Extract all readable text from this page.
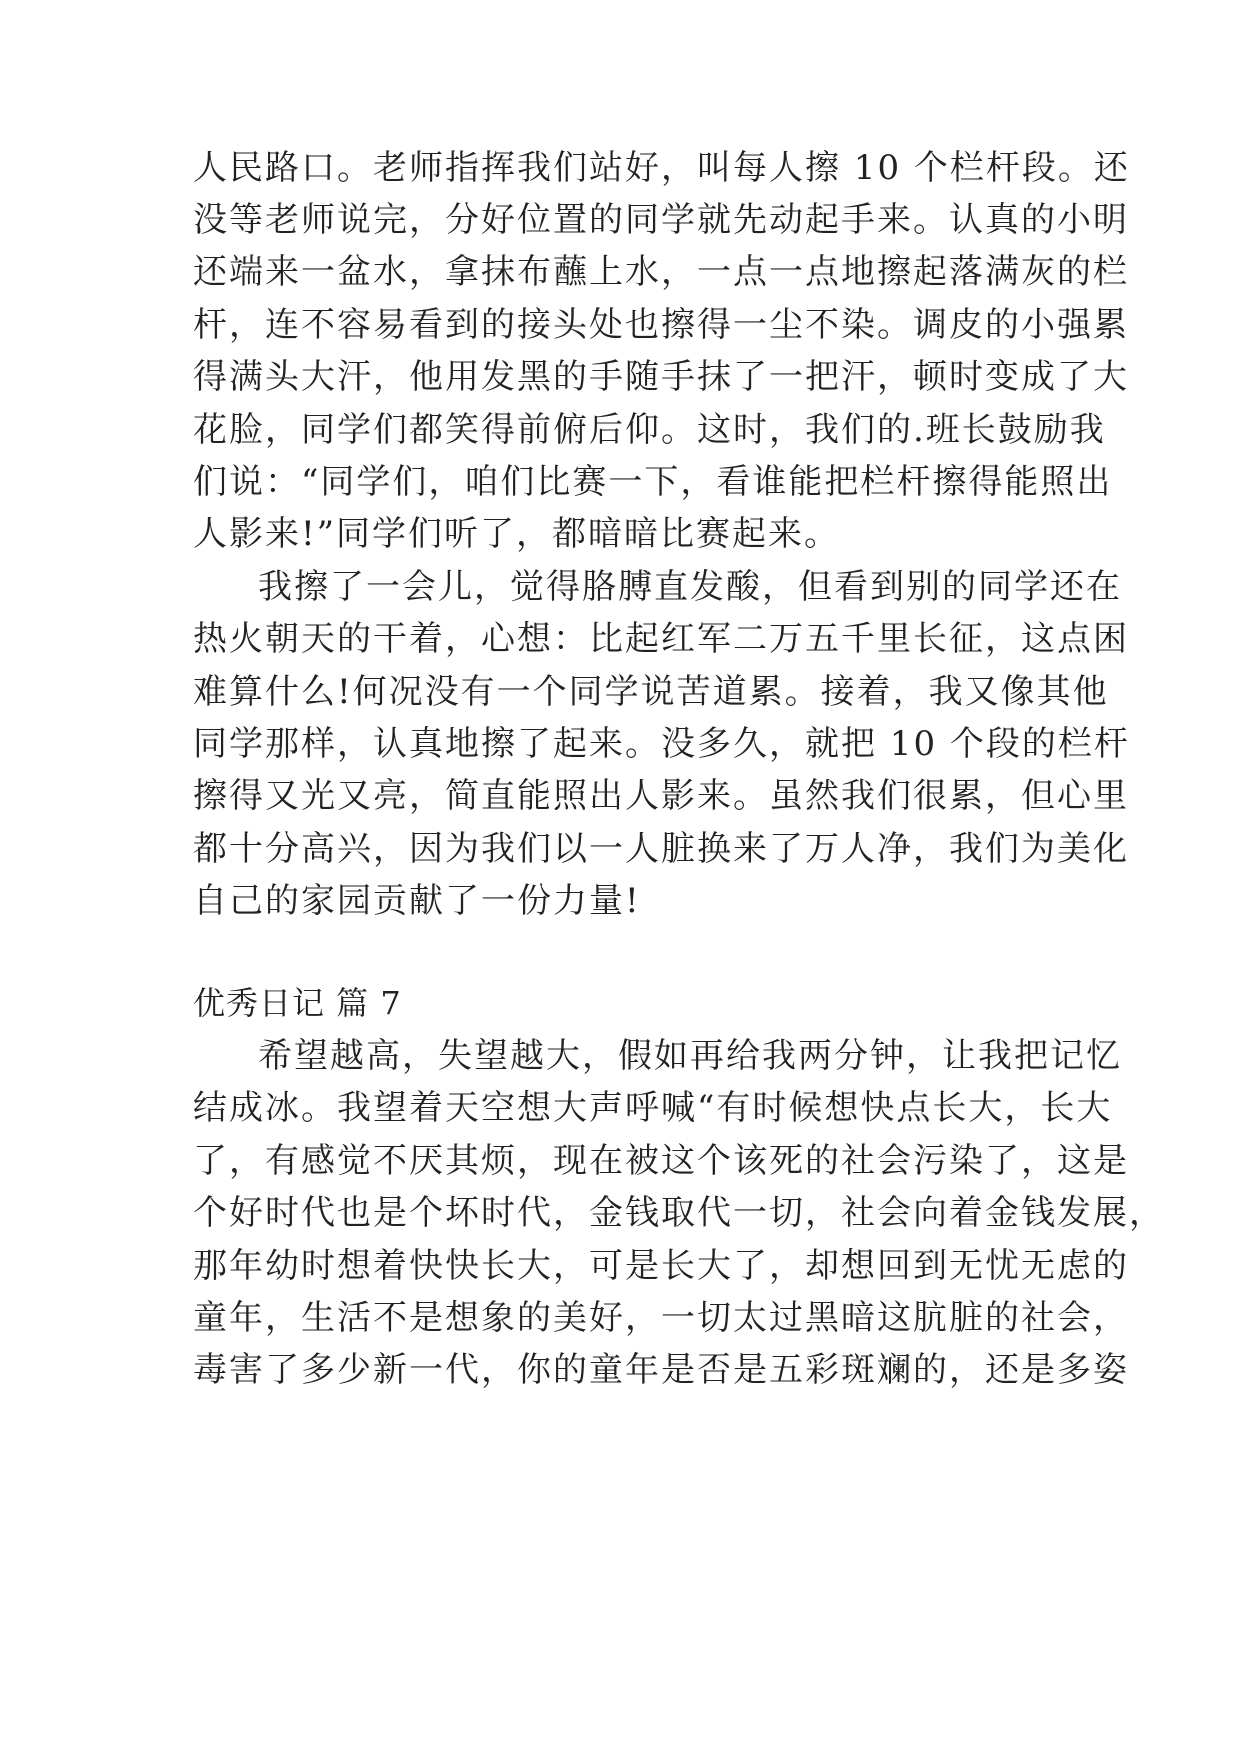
人民路口。老师指挥我们站好，叫每人擦 10 个栏杆段。还
没等老师说完，分好位置的同学就先动起手来。认真的小明
还端来一盆水，拿抹布蘸上水，一点一点地擦起落满灰的栏
杆，连不容易看到的接头处也擦得一尘不染。调皮的小强累
得满头大汗，他用发黑的手随手抹了一把汗，顿时变成了大
花脸，同学们都笑得前俯后仰。这时，我们的.班长鼓励我
们说：“同学们，咱们比赛一下，看谁能把栏杆擦得能照出
人影来!”同学们听了，都暗暗比赛起来。
我擦了一会儿，觉得胳膊直发酸，但看到别的同学还在
热火朝天的干着，心想：比起红军二万五千里长征，这点困
难算什么!何况没有一个同学说苦道累。接着，我又像其他
同学那样，认真地擦了起来。没多久，就把 10 个段的栏杆
擦得又光又亮，简直能照出人影来。虽然我们很累，但心里
都十分高兴，因为我们以一人脏换来了万人净，我们为美化
自己的家园贡献了一份力量!
优秀日记 篇 7
希望越高，失望越大，假如再给我两分钟，让我把记忆
结成冰。我望着天空想大声呼喊“有时候想快点长大，长大
了，有感觉不厌其烦，现在被这个该死的社会污染了，这是
个好时代也是个坏时代，金钱取代一切，社会向着金钱发展，
那年幼时想着快快长大，可是长大了，却想回到无忧无虑的
童年，生活不是想象的美好，一切太过黑暗这肮脏的社会，
毒害了多少新一代，你的童年是否是五彩斑斓的，还是多姿
